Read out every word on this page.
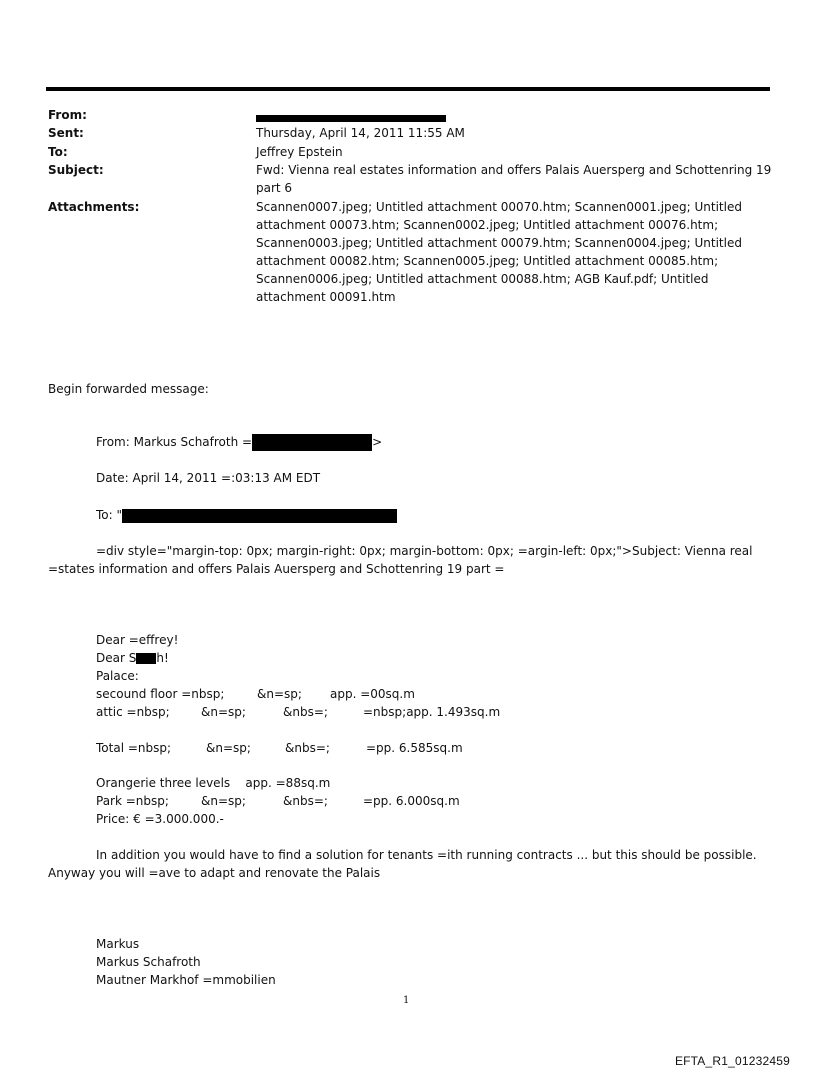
From:
Sent:	Thursday, April 14, 2011 11:55 AM
To:	Jeffrey Epstein
Subject:	Fwd: Vienna real estates information and offers Palais Auersperg and Schottenring 19 part 6
Attachments:	Scannen0007.jpeg; Untitled attachment 00070.htm; Scannen0001.jpeg; Untitled attachment 00073.htm; Scannen0002.jpeg; Untitled attachment 00076.htm; Scannen0003.jpeg; Untitled attachment 00079.htm; Scannen0004.jpeg; Untitled attachment 00082.htm; Scannen0005.jpeg; Untitled attachment 00085.htm; Scannen0006.jpeg; Untitled attachment 00088.htm; AGB Kauf.pdf; Untitled attachment 00091.htm
Begin forwarded message:
From: Markus Schafroth =	>
Date: April 14, 2011 =:03:13 AM EDT
To: "
=div style="margin-top: 0px; margin-right: 0px; margin-bottom: 0px; =argin-left: 0px;">Subject: Vienna real =states information and offers Palais Auersperg and Schottenring 19 part =
Dear =effrey!
Dear S h!
Palace:
secound floor =nbsp;	&n=sp; app. =00sq.m
attic =nbsp;	&n=sp;	&nbs=;	=nbsp;app. 1.493sq.m
Total =nbsp;	&n=sp;	&nbs=;	=pp. 6.585sq.m
Orangerie three levels    app. =88sq.m
Park =nbsp;	&n=sp;	&nbs=;	=pp. 6.000sq.m
Price: € =3.000.000.-
In addition you would have to find a solution for tenants =ith running contracts ... but this should be possible. Anyway you will =ave to adapt and renovate the Palais
Markus
Markus Schafroth
Mautner Markhof =mmobilien
1
EFTA_R1_01232459
